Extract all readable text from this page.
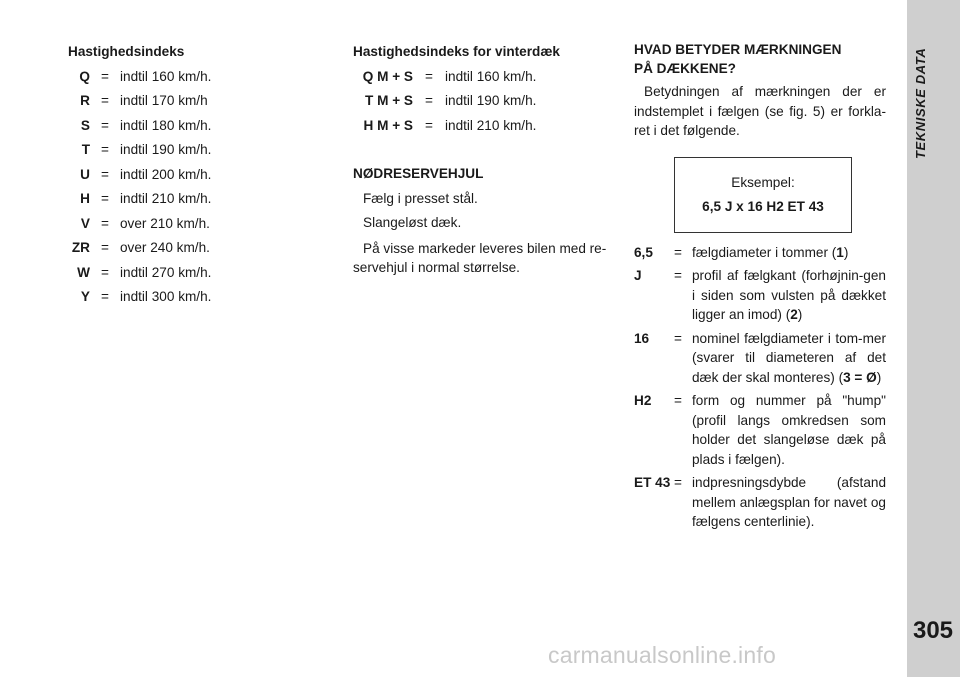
TEKNISKE DATA
305
carmanualsonline.info
Hastighedsindeks
Q = indtil 160 km/h.
R = indtil 170 km/h
S = indtil 180 km/h.
T = indtil 190 km/h.
U = indtil 200 km/h.
H = indtil 210 km/h.
V = over 210 km/h.
ZR = over 240 km/h.
W = indtil 270 km/h.
Y = indtil 300 km/h.
Hastighedsindeks for vinterdæk
Q M + S = indtil 160 km/h.
T M + S = indtil 190 km/h.
H M + S = indtil 210 km/h.
NØDRESERVEHJUL

Fælg i presset stål.

Slangeløst dæk.

På visse markeder leveres bilen med re-servehjul i normal størrelse.

HVAD BETYDER MÆRKNINGEN
PÅ DÆKKENE?
Betydningen af mærkningen der er indstemplet i fælgen (se fig. 5) er forkla-ret i det følgende.
Eksempel:
6,5 J x 16 H2 ET 43
6,5	= fælgdiameter i tommer (1)
J	= profil af fælgkant (forhøjnin-gen i siden som vulsten på dækket ligger an imod) (2)
16	= nominel fælgdiameter i tom-mer (svarer til diameteren af det dæk der skal monteres) (3 = Ø)
H2	= form og nummer på "hump" (profil langs omkredsen som holder det slangeløse dæk på plads i fælgen).
ET 43 = indpresningsdybde (afstand mellem anlægsplan for navet og fælgens centerlinie).
